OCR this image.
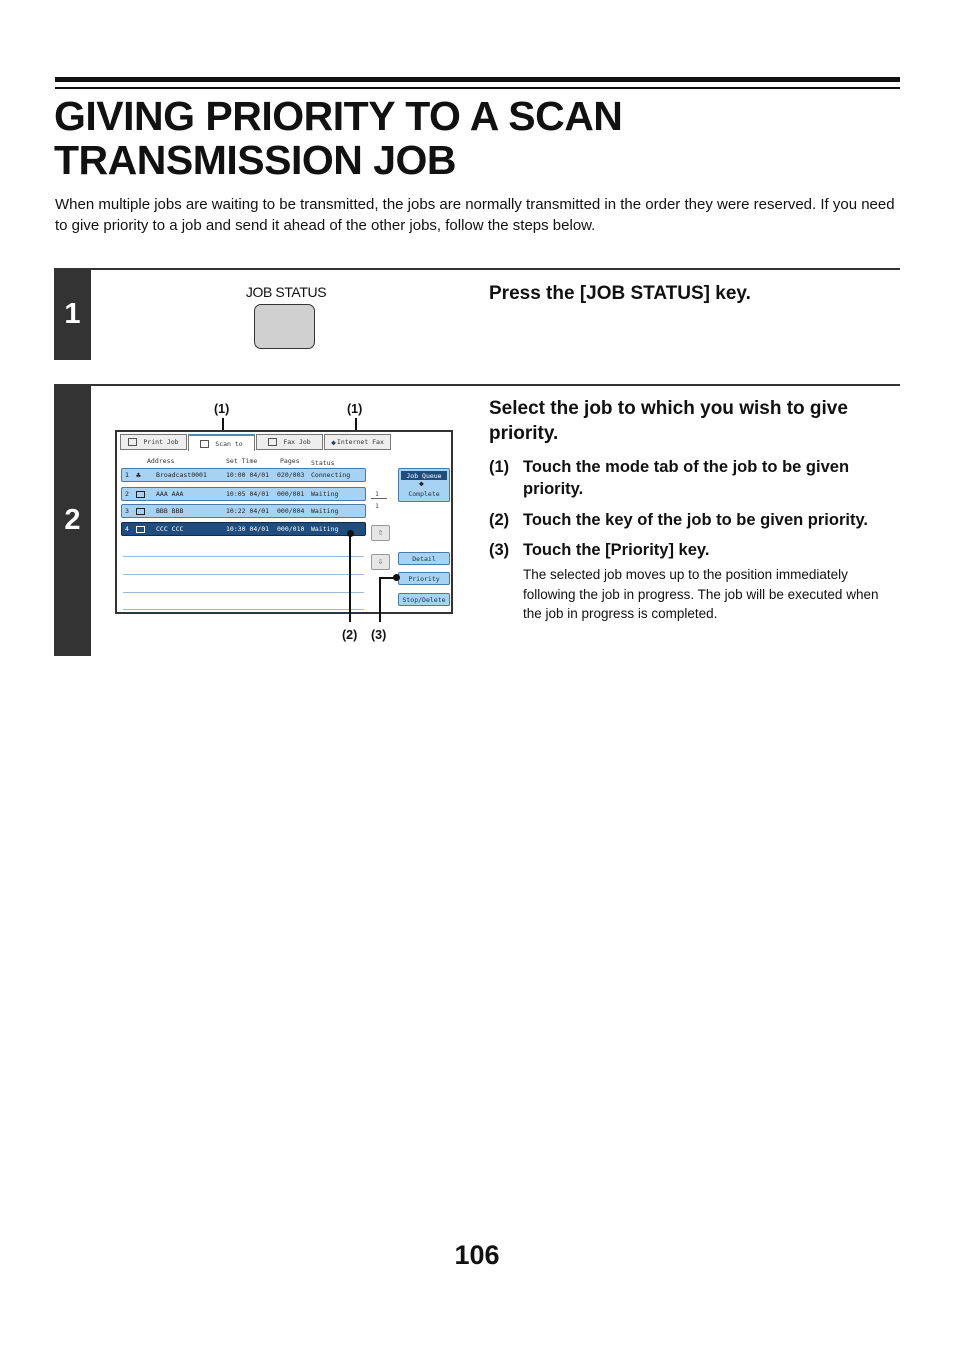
GIVING PRIORITY TO A SCAN
TRANSMISSION JOB

When multiple jobs are waiting to be transmitted, the jobs are normally transmitted in the order they were reserved. If you need to give priority to a job and send it ahead of the other jobs, follow the steps below.

1
JOB STATUS	Press the [JOB STATUS] key.
2
Select the job to which you wish to give priority.
(1) Touch the mode tab of the job to be given priority.
(2) Touch the key of the job to be given priority.
(3) Touch the [Priority] key.

The selected job moves up to the position immediately following the job in progress. The job will be executed when the job in progress is completed.

(1)	(1)
Print Job	Scan to	Fax Job	◆ Internet Fax
Address	Set Time	Pages Status
1 ♣ Broadcast0001	10:00 04/01 020/003 Connecting
2	AAA AAA	10:05 04/01 000/001 Waiting
3	BBB BBB	10:22 04/01 000/004 Waiting
4	CCC CCC	10:30 04/01 000/010 Waiting
1
1
⇧
⇩
Job Queue
◆
Complete
Detail
Priority
Stop/Delete
(2) (3)
106
